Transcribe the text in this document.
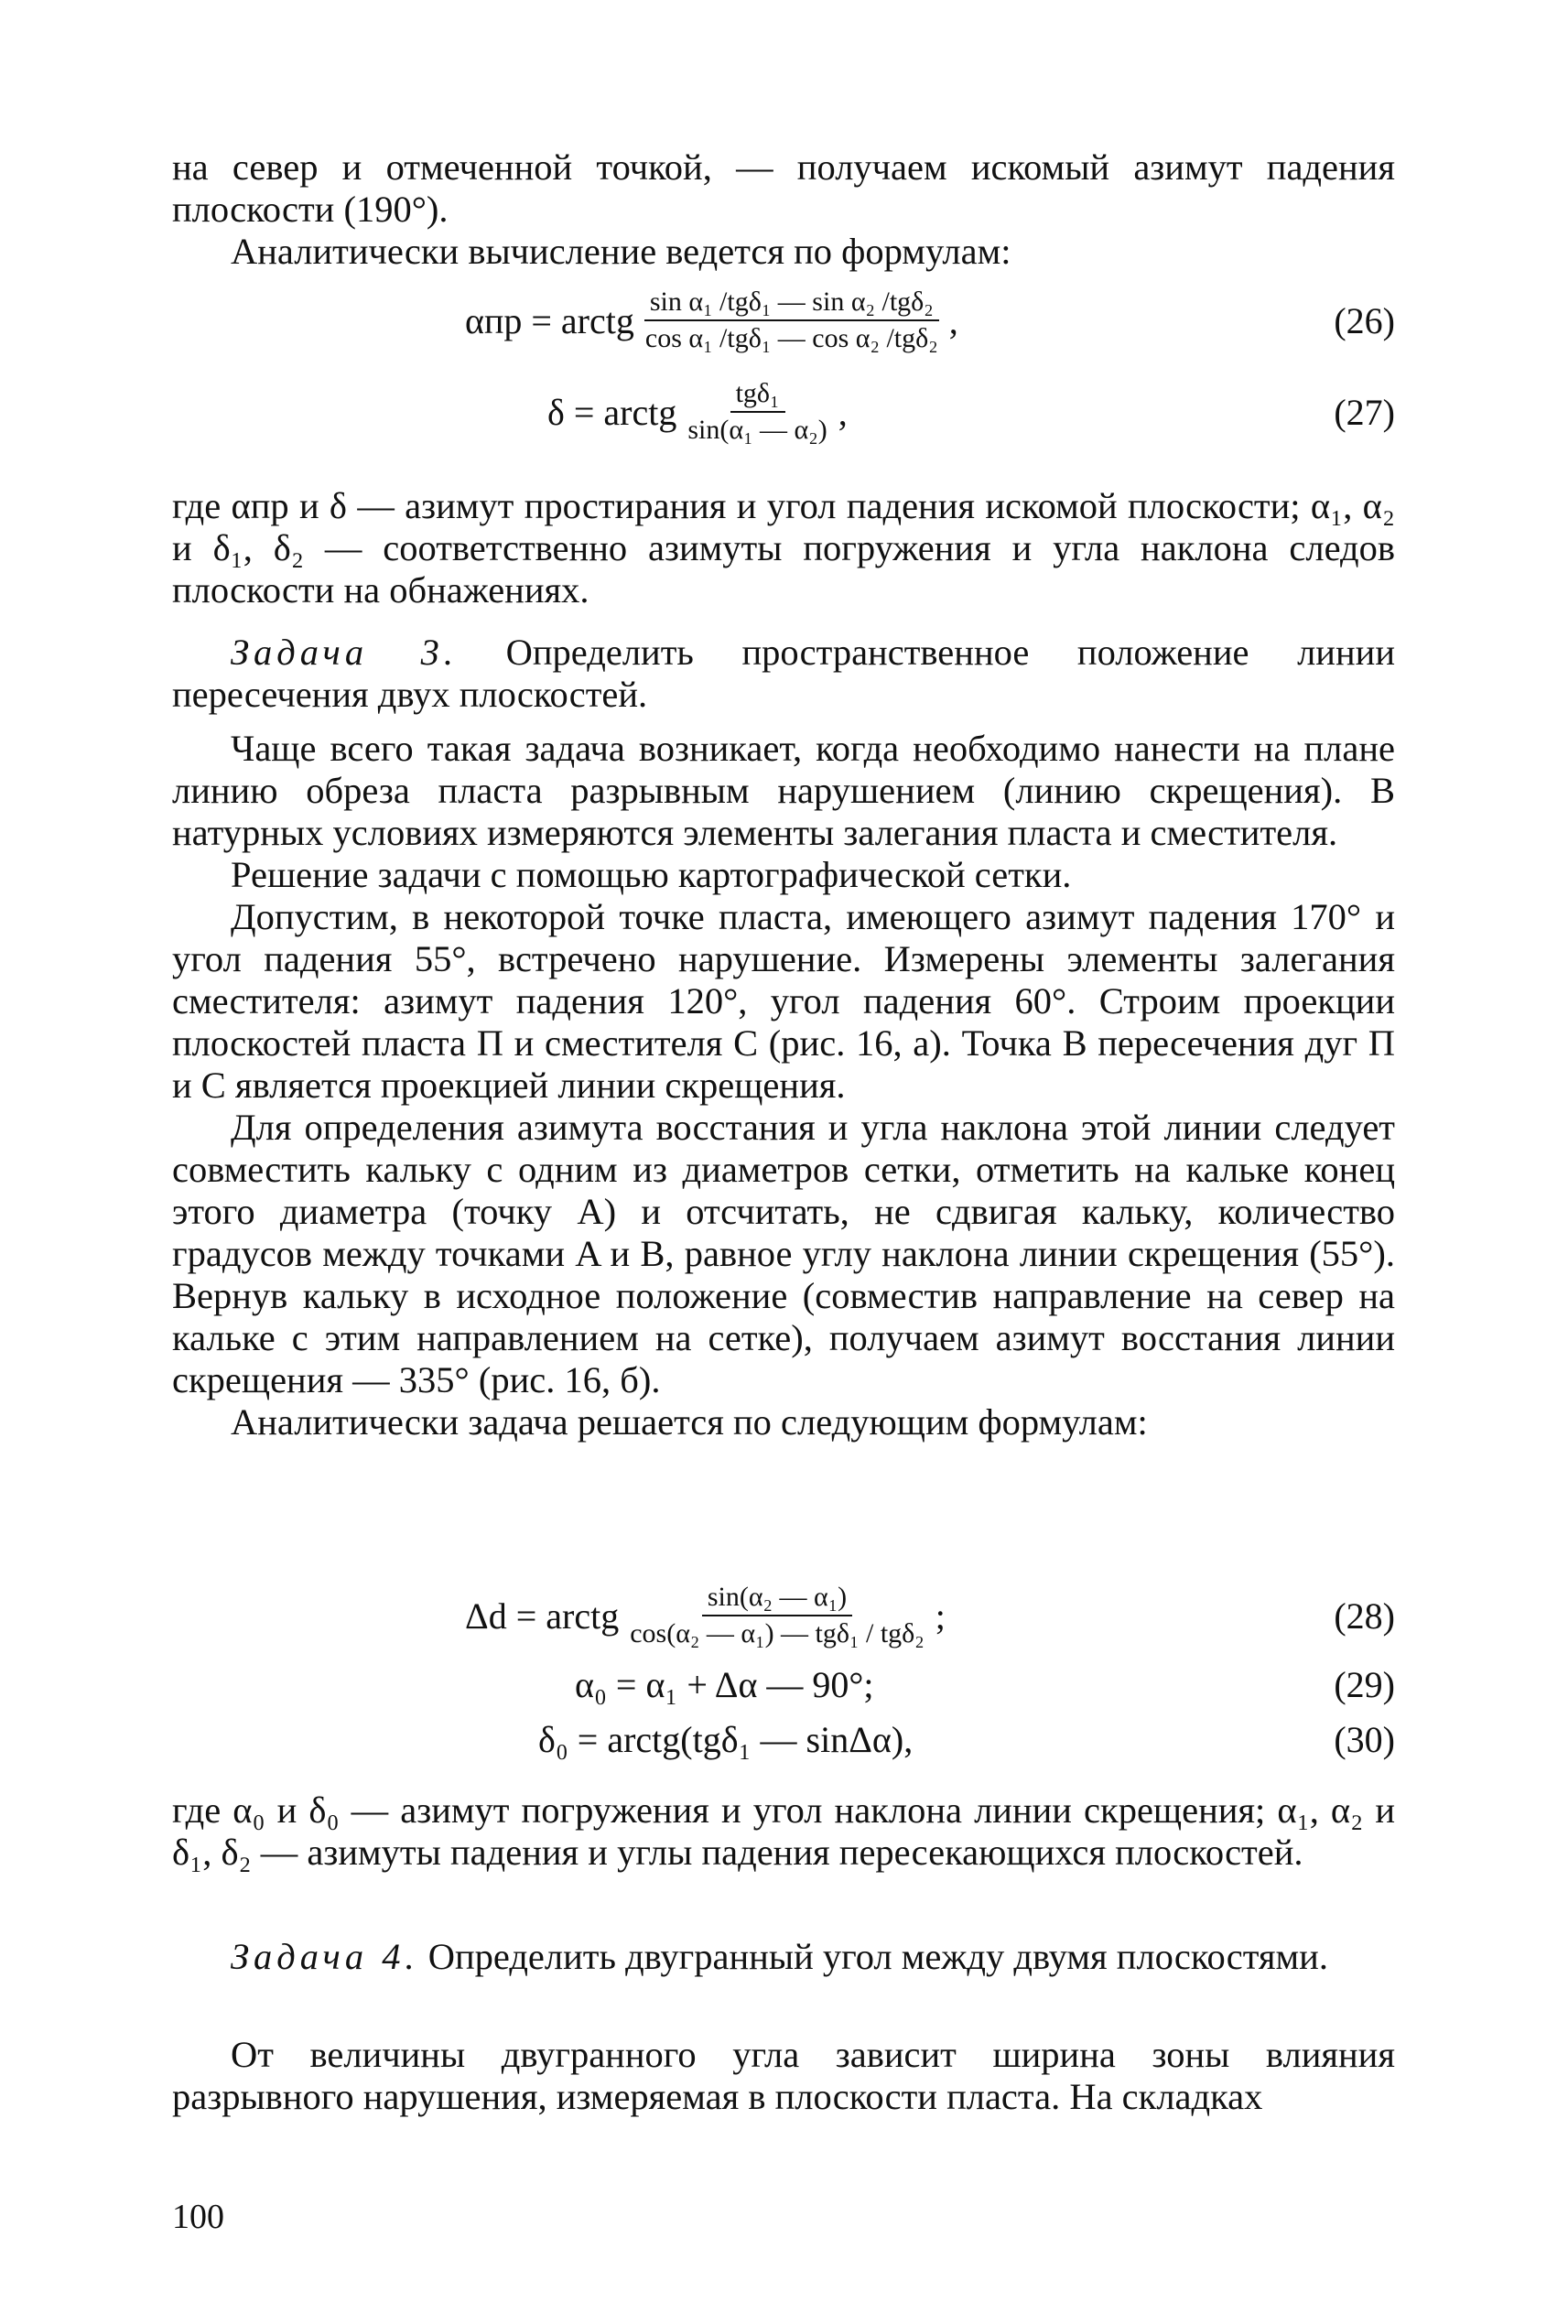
на север и отмеченной точкой, — получаем искомый азимут падения плоскости (190°).

Аналитически вычисление ведется по формулам:

αпр = arctg $\frac{\text{sin α₁ /tgδ₁ — sin α₂ /tgδ₂}}{\text{cos α₁ /tgδ₁ — cos α₂ /tgδ₂}}$ ,	(26)
δ = arctg $\frac{\text{tgδ₁}}{\text{sin(α₁ — α₂)}}$ ,	(27)

где αпр и δ — азимут простирания и угол падения искомой плоскости; α₁, α₂ и δ₁, δ₂ — соответственно азимуты погружения и угла наклона следов плоскости на обнажениях.

Задача 3. Определить пространственное положение линии пересечения двух плоскостей.

Чаще всего такая задача возникает, когда необходимо нанести на плане линию обреза пласта разрывным нарушением (линию скрещения). В натурных условиях измеряются элементы залегания пласта и сместителя.

Решение задачи с помощью картографической сетки.

Допустим, в некоторой точке пласта, имеющего азимут падения 170° и угол падения 55°, встречено нарушение. Измерены элементы залегания сместителя: азимут падения 120°, угол падения 60°. Строим проекции плоскостей пласта П и сместителя C (рис. 16, а). Точка B пересечения дуг П и C является проекцией линии скрещения.

Для определения азимута восстания и угла наклона этой линии следует совместить кальку с одним из диаметров сетки, отметить на кальке конец этого диаметра (точку A) и отсчитать, не сдвигая кальку, количество градусов между точками A и B, равное углу наклона линии скрещения (55°). Вернув кальку в исходное положение (совместив направление на север на кальке с этим направлением на сетке), получаем азимут восстания линии скрещения — 335° (рис. 16, б).

Аналитически задача решается по следующим формулам:

Δd = arctg $\frac{\text{sin(α₂ — α₁)}}{\text{cos(α₂ — α₁) — tgδ₁ / tgδ₂}}$ ;	(28)
α₀ = α₁ + Δα — 90°;	(29)
δ₀ = arctg(tgδ₁ — sinΔα),	(30)

где α₀ и δ₀ — азимут погружения и угол наклона линии скрещения; α₁, α₂ и δ₁, δ₂ — азимуты падения и углы падения пересекающихся плоскостей.

Задача 4. Определить двугранный угол между двумя плоскостями.

От величины двугранного угла зависит ширина зоны влияния разрывного нарушения, измеряемая в плоскости пласта. На складках

100
